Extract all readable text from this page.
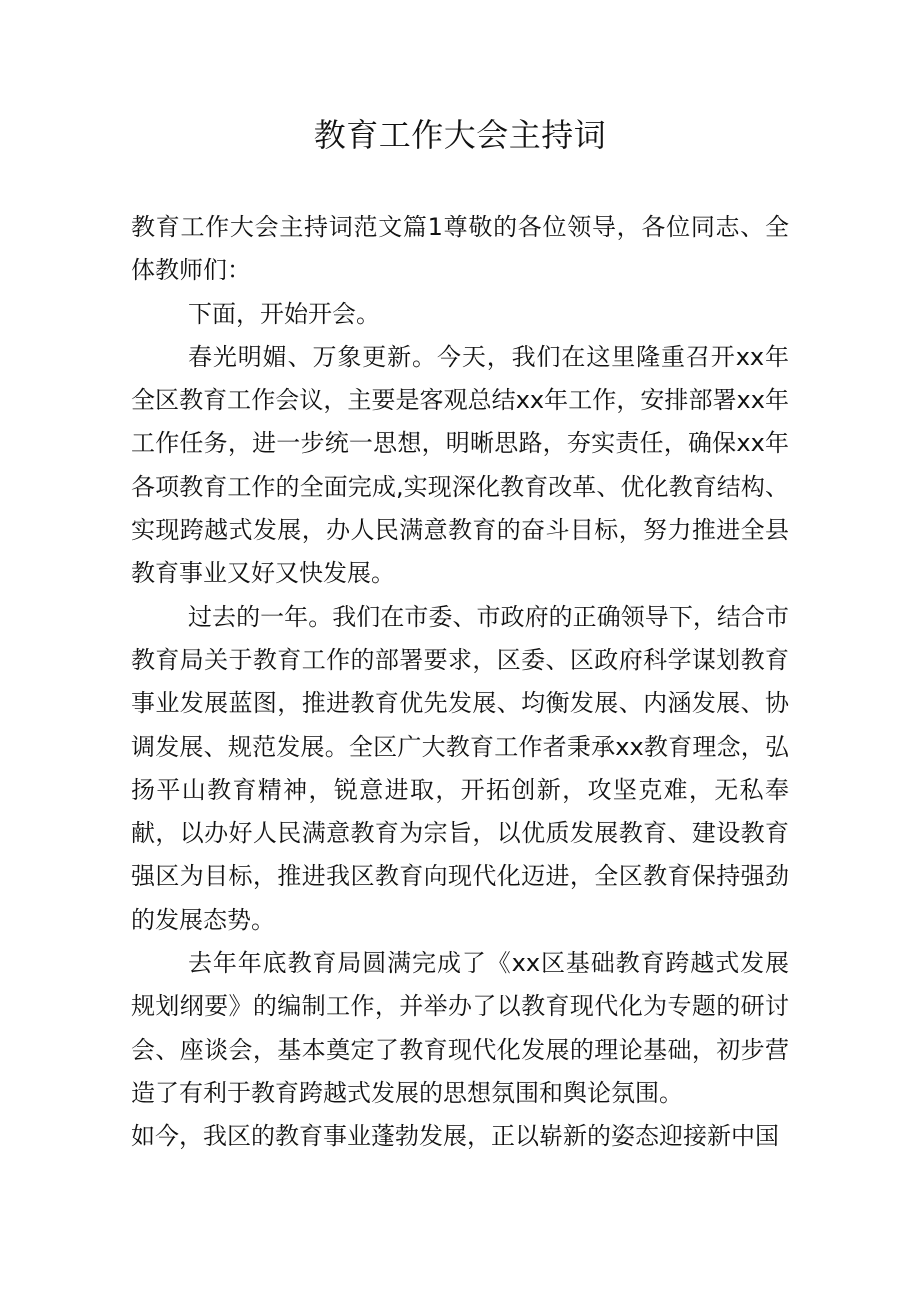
教育工作大会主持词

教育工作大会主持词范文篇1尊敬的各位领导，各位同志、全体教师们：

下面，开始开会。

春光明媚、万象更新。今天，我们在这里隆重召开xx年全区教育工作会议，主要是客观总结xx年工作，安排部署xx年工作任务，进一步统一思想，明晰思路，夯实责任，确保xx年各项教育工作的全面完成,实现深化教育改革、优化教育结构、实现跨越式发展，办人民满意教育的奋斗目标，努力推进全县教育事业又好又快发展。

过去的一年。我们在市委、市政府的正确领导下，结合市教育局关于教育工作的部署要求，区委、区政府科学谋划教育事业发展蓝图，推进教育优先发展、均衡发展、内涵发展、协调发展、规范发展。全区广大教育工作者秉承xx教育理念，弘扬平山教育精神，锐意进取，开拓创新，攻坚克难，无私奉献，以办好人民满意教育为宗旨，以优质发展教育、建设教育强区为目标，推进我区教育向现代化迈进，全区教育保持强劲的发展态势。

去年年底教育局圆满完成了《xx区基础教育跨越式发展规划纲要》的编制工作，并举办了以教育现代化为专题的研讨会、座谈会，基本奠定了教育现代化发展的理论基础，初步营造了有利于教育跨越式发展的思想氛围和舆论氛围。

如今，我区的教育事业蓬勃发展，正以崭新的姿态迎接新中国
